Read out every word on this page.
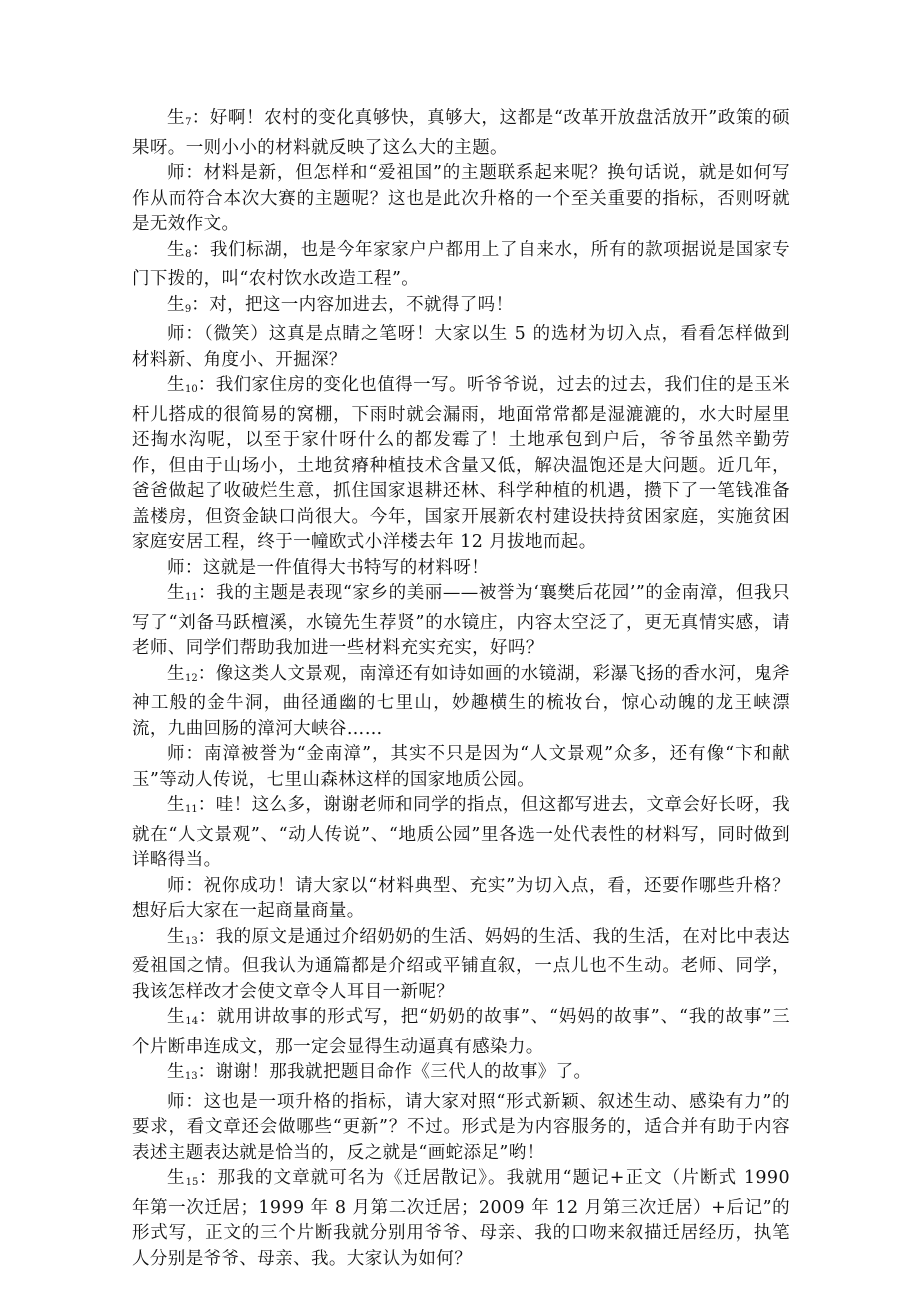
生$_7$：好啊！农村的变化真够快，真够大，这都是“改革开放盘活放开”政策的硕果呀。一则小小的材料就反映了这么大的主题。

师：材料是新，但怎样和“爱祖国”的主题联系起来呢？换句话说，就是如何写作从而符合本次大赛的主题呢？这也是此次升格的一个至关重要的指标，否则呀就是无效作文。

生$_8$：我们标湖，也是今年家家户户都用上了自来水，所有的款项据说是国家专门下拨的，叫“农村饮水改造工程”。

生$_9$：对，把这一内容加进去，不就得了吗！

师：（微笑）这真是点睛之笔呀！大家以生 5 的选材为切入点，看看怎样做到材料新、角度小、开掘深？

生$_{10}$：我们家住房的变化也值得一写。听爷爷说，过去的过去，我们住的是玉米杆儿搭成的很简易的窝棚，下雨时就会漏雨，地面常常都是湿漉漉的，水大时屋里还掏水沟呢，以至于家什呀什么的都发霉了！土地承包到户后，爷爷虽然辛勤劳作，但由于山场小，土地贫瘠种植技术含量又低，解决温饱还是大问题。近几年，爸爸做起了收破烂生意，抓住国家退耕还林、科学种植的机遇，攒下了一笔钱准备盖楼房，但资金缺口尚很大。今年，国家开展新农村建设扶持贫困家庭，实施贫困家庭安居工程，终于一幢欧式小洋楼去年 12 月拔地而起。

师：这就是一件值得大书特写的材料呀！

生$_{11}$：我的主题是表现“家乡的美丽——被誉为‘襄樊后花园’”的金南漳，但我只写了“刘备马跃檀溪，水镜先生荐贤”的水镜庄，内容太空泛了，更无真情实感，请老师、同学们帮助我加进一些材料充实充实，好吗？

生$_{12}$：像这类人文景观，南漳还有如诗如画的水镜湖，彩瀑飞扬的香水河，鬼斧神工般的金牛洞，曲径通幽的七里山，妙趣横生的梳妆台，惊心动魄的龙王峡漂流，九曲回肠的漳河大峡谷……

师：南漳被誉为“金南漳”，其实不只是因为“人文景观”众多，还有像“卞和献玉”等动人传说，七里山森林这样的国家地质公园。

生$_{11}$：哇！这么多，谢谢老师和同学的指点，但这都写进去，文章会好长呀，我就在“人文景观”、“动人传说”、“地质公园”里各选一处代表性的材料写，同时做到详略得当。

师：祝你成功！请大家以“材料典型、充实”为切入点，看，还要作哪些升格？想好后大家在一起商量商量。

生$_{13}$：我的原文是通过介绍奶奶的生活、妈妈的生活、我的生活，在对比中表达爱祖国之情。但我认为通篇都是介绍或平铺直叙，一点儿也不生动。老师、同学，我该怎样改才会使文章令人耳目一新呢？

生$_{14}$：就用讲故事的形式写，把“奶奶的故事”、“妈妈的故事”、“我的故事”三个片断串连成文，那一定会显得生动逼真有感染力。

生$_{13}$：谢谢！那我就把题目命作《三代人的故事》了。

师：这也是一项升格的指标，请大家对照“形式新颖、叙述生动、感染有力”的要求，看文章还会做哪些“更新”？不过。形式是为内容服务的，适合并有助于内容表述主题表达就是恰当的，反之就是“画蛇添足”哟！

生$_{15}$：那我的文章就可名为《迁居散记》。我就用“题记+正文（片断式 1990 年第一次迁居；1999 年 8 月第二次迁居；2009 年 12 月第三次迁居）+后记”的形式写，正文的三个片断我就分别用爷爷、母亲、我的口吻来叙描迁居经历，执笔人分别是爷爷、母亲、我。大家认为如何？
